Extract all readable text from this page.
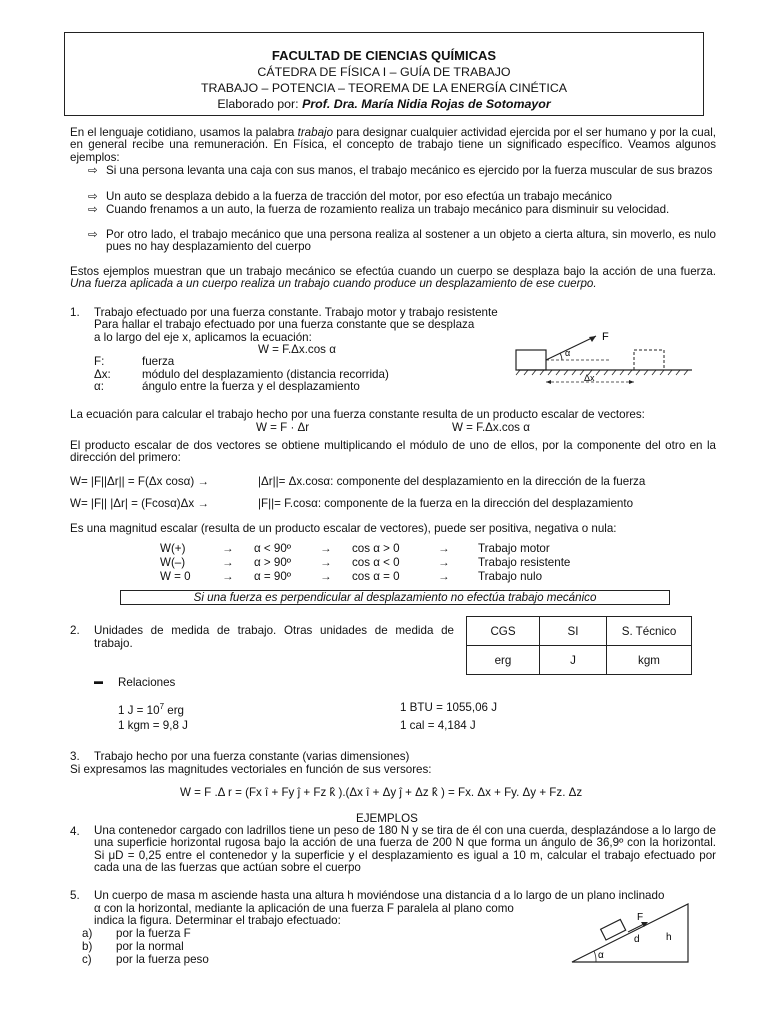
FACULTAD DE CIENCIAS QUÍMICAS
CÁTEDRA DE FÍSICA I – GUÍA DE TRABAJO
TRABAJO – POTENCIA – TEOREMA DE LA ENERGÍA CINÉTICA
Elaborado por: Prof. Dra. María Nidia Rojas de Sotomayor
En el lenguaje cotidiano, usamos la palabra trabajo para designar cualquier actividad ejercida por el ser humano y por la cual, en general recibe una remuneración. En Física, el concepto de trabajo tiene un significado específico. Veamos algunos ejemplos:
⇨ Si una persona levanta una caja con sus manos, el trabajo mecánico es ejercido por la fuerza muscular de sus brazos
⇨ Un auto se desplaza debido a la fuerza de tracción del motor, por eso efectúa un trabajo mecánico
⇨ Cuando frenamos a un auto, la fuerza de rozamiento realiza un trabajo mecánico para disminuir su velocidad.
⇨ Por otro lado, el trabajo mecánico que una persona realiza al sostener a un objeto a cierta altura, sin moverlo, es nulo pues no hay desplazamiento del cuerpo
Estos ejemplos muestran que un trabajo mecánico se efectúa cuando un cuerpo se desplaza bajo la acción de una fuerza. Una fuerza aplicada a un cuerpo realiza un trabajo cuando produce un desplazamiento de ese cuerpo.
1. Trabajo efectuado por una fuerza constante. Trabajo motor y trabajo resistente
Para hallar el trabajo efectuado por una fuerza constante que se desplaza
a lo largo del eje x, aplicamos la ecuación:
W = F.Δx.cos α
F:	fuerza
Δx:	módulo del desplazamiento (distancia recorrida)
α:	ángulo entre la fuerza y el desplazamiento
F
α
Δx
La ecuación para calcular el trabajo hecho por una fuerza constante resulta de un producto escalar de vectores:
W = F · Δr	W = F.Δx.cos α
El producto escalar de dos vectores se obtiene multiplicando el módulo de uno de ellos, por la componente del otro en la dirección del primero:
W= |F||Δr|| = F(Δx cosα) →	|Δr||= Δx.cosα: componente del desplazamiento en la dirección de la fuerza
W= |F|| |Δr| = (Fcosα)Δx →	|F||= F.cosα: componente de la fuerza en la dirección del desplazamiento
Es una magnitud escalar (resulta de un producto escalar de vectores), puede ser positiva, negativa o nula:
W(+)	→ α < 90º → cos α > 0	→ Trabajo motor
W(–)	→ α > 90º → cos α < 0	→ Trabajo resistente
W = 0	→ α = 90º → cos α = 0	→ Trabajo nulo
Si una fuerza es perpendicular al desplazamiento no efectúa trabajo mecánico
2. Unidades de medida de trabajo. Otras unidades de medida de trabajo.
CGS	SI	S. Técnico
erg	J	kgm
▬ Relaciones
1 $J = 10^7$ erg	1 BTU = 1055,06 J
1 kgm = 9,8 J	1 cal = 4,184 J
3. Trabajo hecho por una fuerza constante (varias dimensiones)
Si expresamos las magnitudes vectoriales en función de sus versores:
W = F .Δ r = (Fx î + Fy ĵ + Fz k̂ ).(Δx î + Δy ĵ + Δz k̂ ) = Fx. Δx + Fy. Δy + Fz. Δz
EJEMPLOS
4. Una contenedor cargado con ladrillos tiene un peso de 180 N y se tira de él con una cuerda, desplazándose a lo largo de una superficie horizontal rugosa bajo la acción de una fuerza de 200 N que forma un ángulo de 36,9º con la horizontal. Si μD = 0,25 entre el contenedor y la superficie y el desplazamiento es igual a 10 m, calcular el trabajo efectuado por cada una de las fuerzas que actúan sobre el cuerpo
5. Un cuerpo de masa m asciende hasta una altura h moviéndose una distancia d a lo largo de un plano inclinado
α con la horizontal, mediante la aplicación de una fuerza F paralela al plano como
indica la figura. Determinar el trabajo efectuado:
a) por la fuerza F
b) por la normal
c) por la fuerza peso	α
F
d	h
